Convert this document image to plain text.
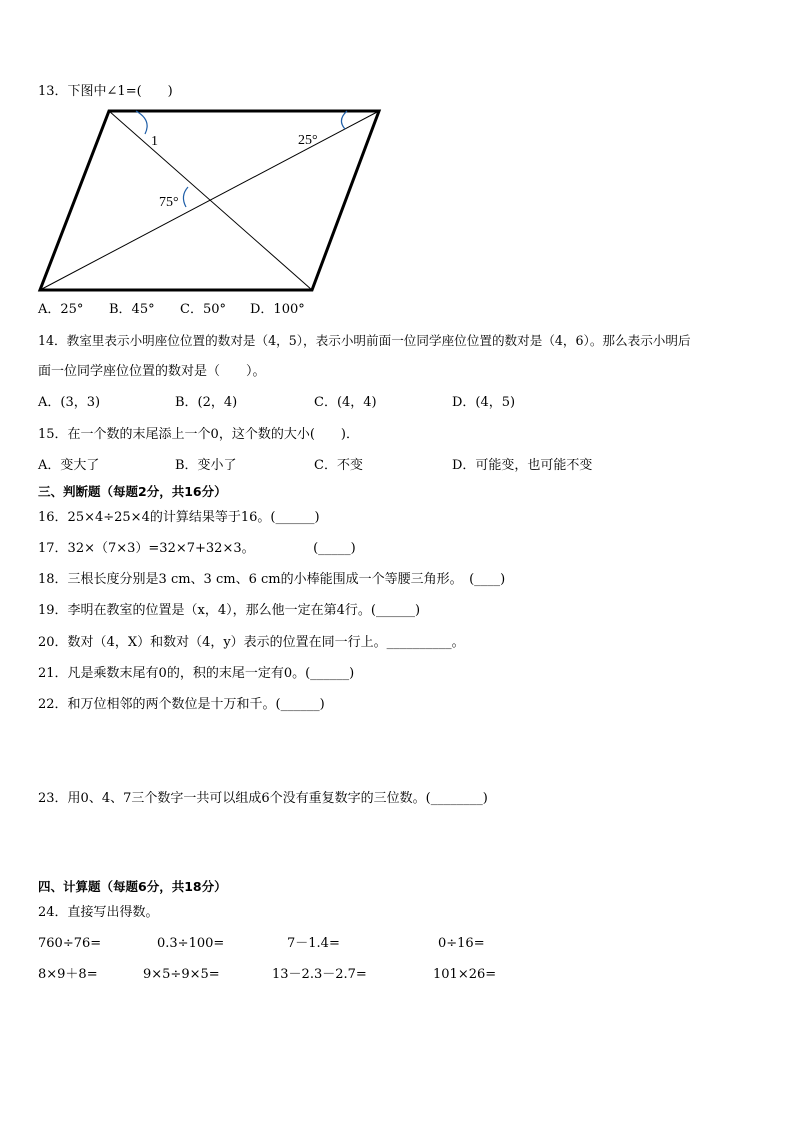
13．下图中∠1=(　　)
1	25°
75°
A．25° B．45° C．50° D．100°
14．教室里表示小明座位位置的数对是（4，5），表示小明前面一位同学座位位置的数对是（4，6）。那么表示小明后
面一位同学座位位置的数对是（　　）。
A．(3，3)	B．(2，4)	C．(4，4)	D．(4，5)
15．在一个数的末尾添上一个0，这个数的大小(　　)．
A．变大了	B．变小了	C．不变	D．可能变，也可能不变
三、判断题（每题2分，共16分）
16．25×4÷25×4的计算结果等于16。(______)
17．32×（7×3）=32×7+32×3。　　　　　(_____)
18．三根长度分别是3 cm、3 cm、6 cm的小棒能围成一个等腰三角形。　(____)
19．李明在教室的位置是（x，4），那么他一定在第4行。(______)
20．数对（4，X）和数对（4，y）表示的位置在同一行上。__________。
21．凡是乘数末尾有0的，积的末尾一定有0。(______)
22．和万位相邻的两个数位是十万和千。(______)
23．用0、4、7三个数字一共可以组成6个没有重复数字的三位数。(________)
四、计算题（每题6分，共18分）
24．直接写出得数。
760÷76=	0.3÷100=	7－1.4=	0÷16=
8×9＋8=	9×5÷9×5=	13－2.3－2.7=	101×26=
